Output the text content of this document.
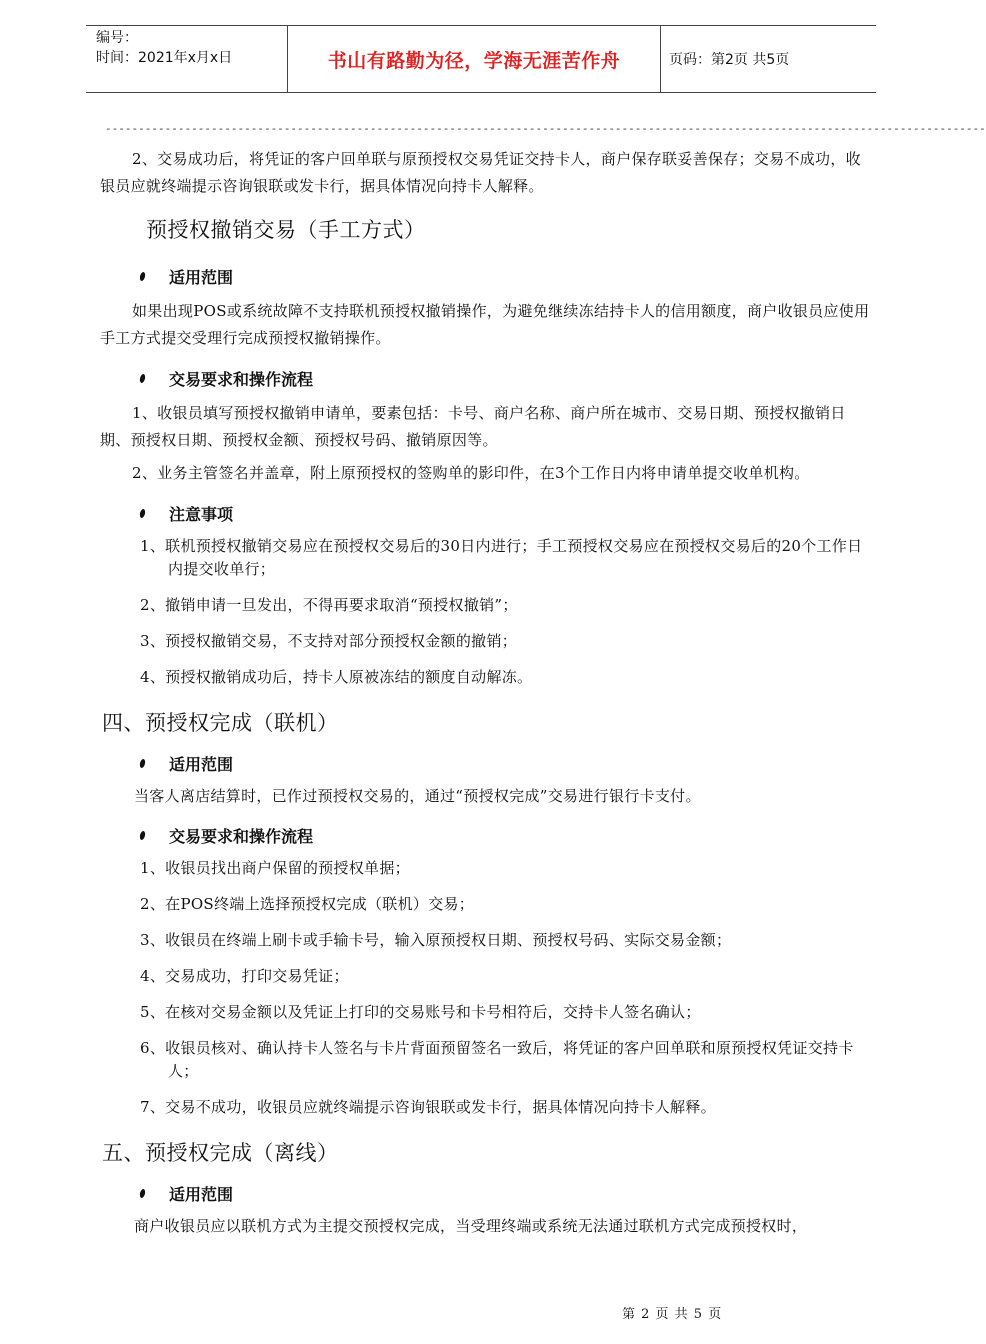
编号：
时间：2021年x月x日	书山有路勤为径，学海无涯苦作舟	页码：第2页 共5页
-------------------------------------------------------------------------------------------------------------------------------------

2、交易成功后，将凭证的客户回单联与原预授权交易凭证交持卡人，商户保存联妥善保存；交易不成功，收银员应就终端提示咨询银联或发卡行，据具体情况向持卡人解释。

预授权撤销交易（手工方式）
适用范围

如果出现POS或系统故障不支持联机预授权撤销操作，为避免继续冻结持卡人的信用额度，商户收银员应使用手工方式提交受理行完成预授权撤销操作。

交易要求和操作流程

1、收银员填写预授权撤销申请单，要素包括：卡号、商户名称、商户所在城市、交易日期、预授权撤销日期、预授权日期、预授权金额、预授权号码、撤销原因等。

2、业务主管签名并盖章，附上原预授权的签购单的影印件，在3个工作日内将申请单提交收单机构。

注意事项
1、联机预授权撤销交易应在预授权交易后的30日内进行；手工预授权交易应在预授权交易后的20个工作日内提交收单行；
2、撤销申请一旦发出，不得再要求取消“预授权撤销”；
3、预授权撤销交易，不支持对部分预授权金额的撤销；
4、预授权撤销成功后，持卡人原被冻结的额度自动解冻。
四、预授权完成（联机）
适用范围
当客人离店结算时，已作过预授权交易的，通过“预授权完成”交易进行银行卡支付。
交易要求和操作流程
1、收银员找出商户保留的预授权单据；
2、在POS终端上选择预授权完成（联机）交易；
3、收银员在终端上刷卡或手输卡号，输入原预授权日期、预授权号码、实际交易金额；
4、交易成功，打印交易凭证；
5、在核对交易金额以及凭证上打印的交易账号和卡号相符后，交持卡人签名确认；
6、收银员核对、确认持卡人签名与卡片背面预留签名一致后，将凭证的客户回单联和原预授权凭证交持卡人；
7、交易不成功，收银员应就终端提示咨询银联或发卡行，据具体情况向持卡人解释。
五、预授权完成（离线）
适用范围
商户收银员应以联机方式为主提交预授权完成，当受理终端或系统无法通过联机方式完成预授权时，
第 2 页 共 5 页
